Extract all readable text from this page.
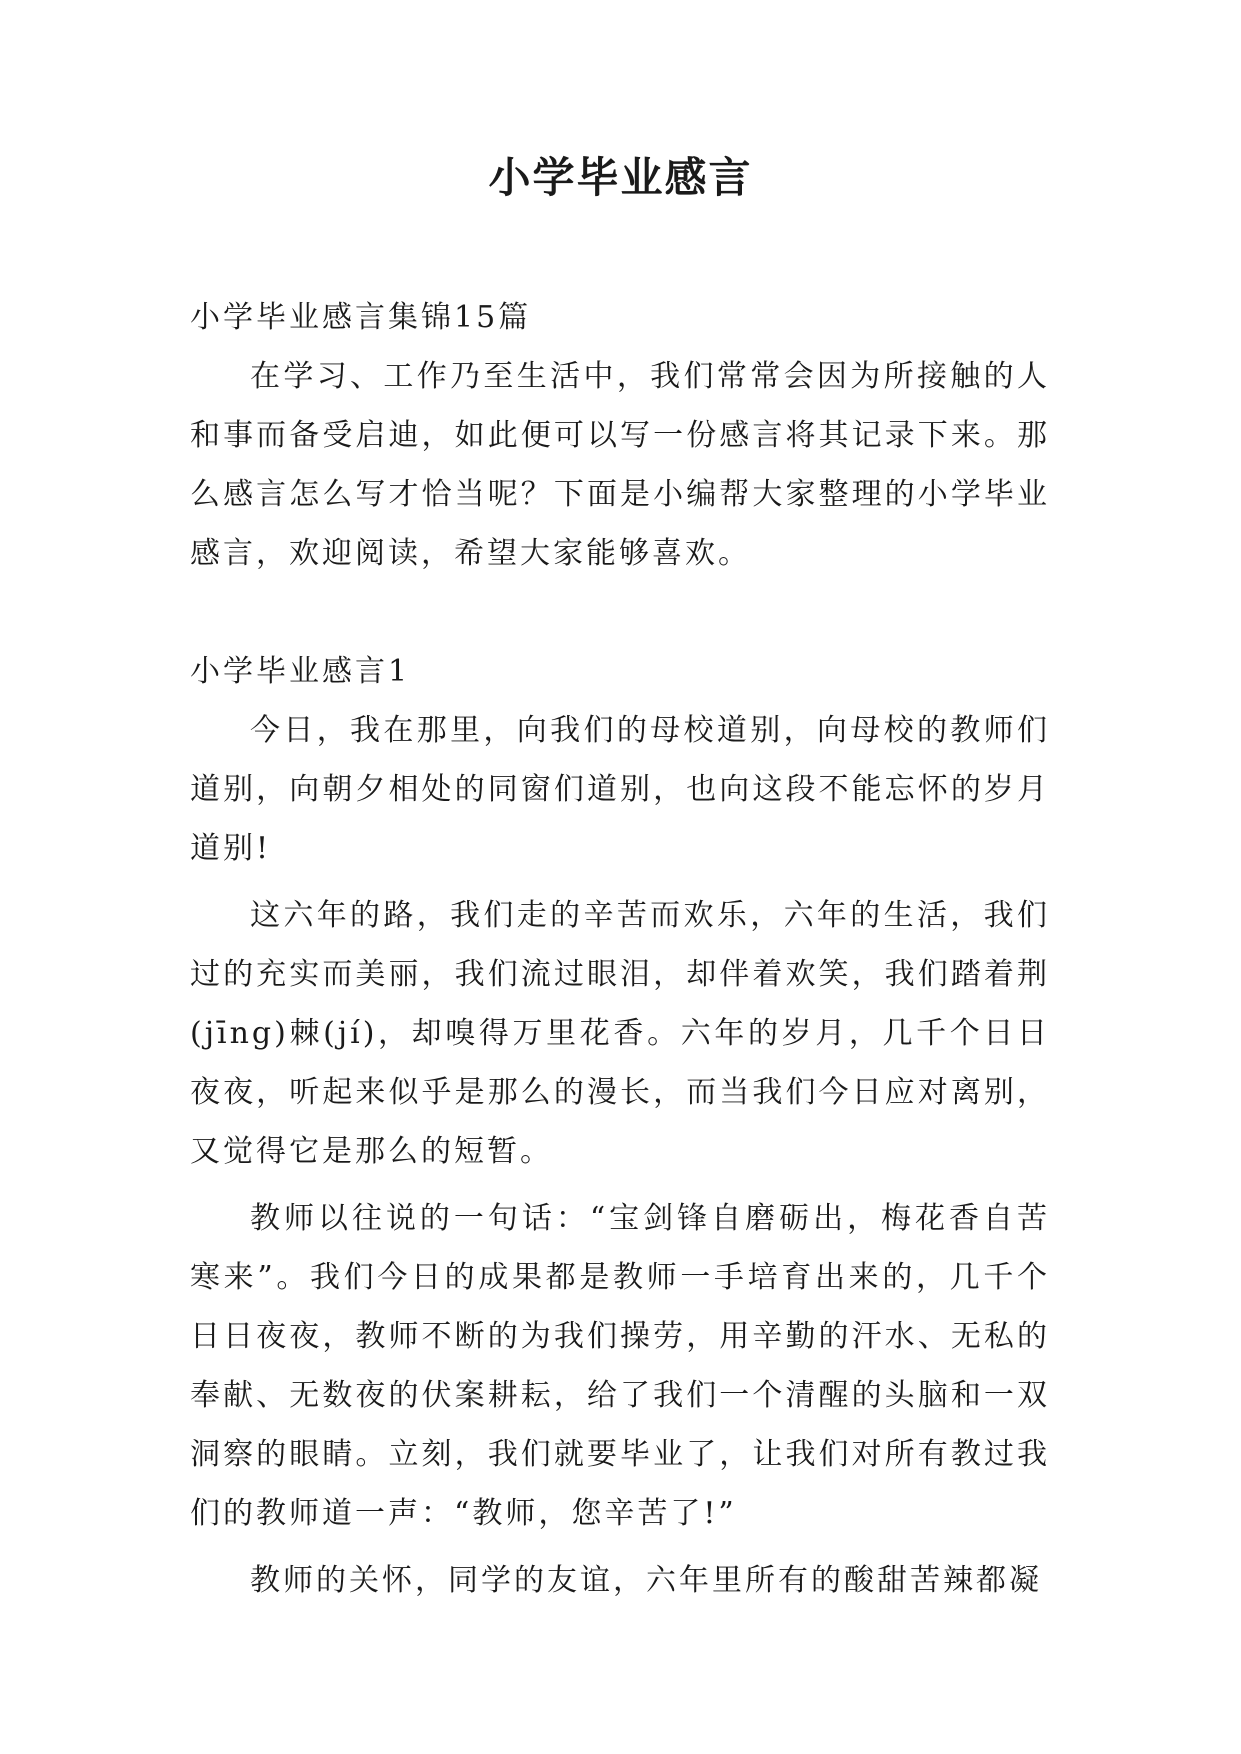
小学毕业感言

小学毕业感言集锦15篇

在学习、工作乃至生活中，我们常常会因为所接触的人和事而备受启迪，如此便可以写一份感言将其记录下来。那么感言怎么写才恰当呢？下面是小编帮大家整理的小学毕业感言，欢迎阅读，希望大家能够喜欢。

小学毕业感言1

今日，我在那里，向我们的母校道别，向母校的教师们道别，向朝夕相处的同窗们道别，也向这段不能忘怀的岁月道别!

这六年的路，我们走的辛苦而欢乐，六年的生活，我们过的充实而美丽，我们流过眼泪，却伴着欢笑，我们踏着荆(jīng)棘(jí)，却嗅得万里花香。六年的岁月，几千个日日夜夜，听起来似乎是那么的漫长，而当我们今日应对离别，又觉得它是那么的短暂。

教师以往说的一句话：“宝剑锋自磨砺出，梅花香自苦寒来”。我们今日的成果都是教师一手培育出来的，几千个日日夜夜，教师不断的为我们操劳，用辛勤的汗水、无私的奉献、无数夜的伏案耕耘，给了我们一个清醒的头脑和一双洞察的眼睛。立刻，我们就要毕业了，让我们对所有教过我们的教师道一声：“教师，您辛苦了!”

教师的关怀，同学的友谊，六年里所有的酸甜苦辣都凝
